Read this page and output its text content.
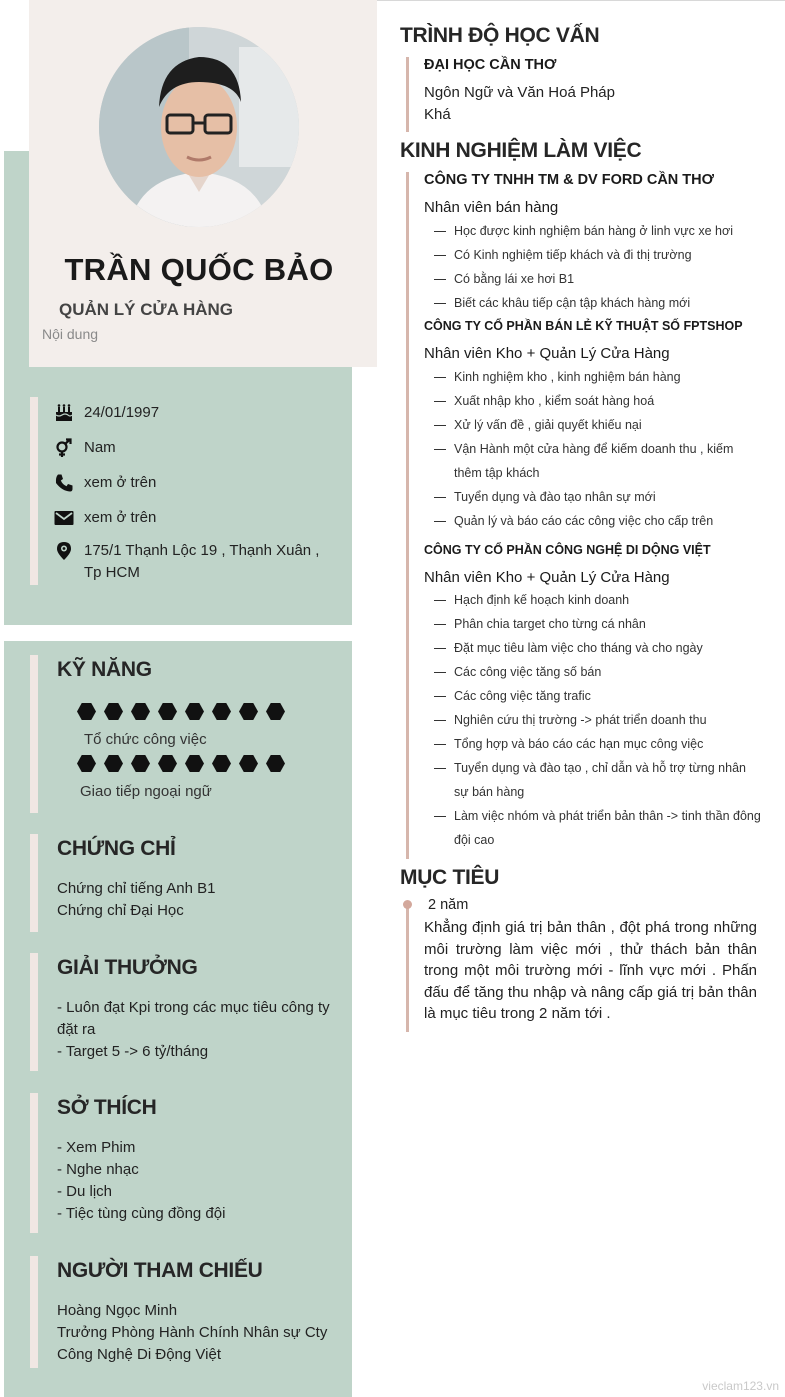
TRẦN QUỐC BẢO
QUẢN LÝ CỬA HÀNG
Nội dung
24/01/1997
Nam
xem ở trên
xem ở trên
175/1 Thạnh Lộc 19 , Thạnh Xuân , Tp HCM
KỸ NĂNG
Tổ chức công việc
Giao tiếp ngoại ngữ
CHỨNG CHỈ
Chứng chỉ tiếng Anh B1
Chứng chỉ Đại Học
GIẢI THƯỞNG
- Luôn đạt Kpi trong các mục tiêu công ty đặt ra
- Target 5 -> 6 tỷ/tháng
SỞ THÍCH
- Xem Phim
- Nghe nhạc
- Du lịch
- Tiệc tùng cùng đồng đội
NGƯỜI THAM CHIẾU
Hoàng Ngọc Minh
Trưởng Phòng Hành Chính Nhân sự Cty Công Nghệ Di Động Việt
TRÌNH ĐỘ HỌC VẤN
ĐẠI HỌC CẦN THƠ
Ngôn Ngữ và Văn Hoá Pháp
Khá
KINH NGHIỆM LÀM VIỆC
CÔNG TY TNHH TM & DV FORD CẦN THƠ
Nhân viên bán hàng
Học được kinh nghiệm bán hàng ở linh vực xe hơi
Có Kinh nghiệm tiếp khách và đi thị trường
Có bằng lái xe hơi B1
Biết các khâu tiếp cận tập khách hàng mới
CÔNG TY CỔ PHẦN BÁN LẺ KỸ THUẬT SỐ FPTSHOP
Nhân viên Kho + Quản Lý Cửa Hàng
Kinh nghiệm kho , kinh nghiệm bán hàng
Xuất nhập kho , kiểm soát hàng hoá
Xử lý vấn đề , giải quyết khiếu nại
Vận Hành một cửa hàng để kiếm doanh thu , kiếm thêm tập khách
Tuyển dụng và đào tạo nhân sự mới
Quản lý và báo cáo các công việc cho cấp trên
CÔNG TY CỔ PHẦN CÔNG NGHỆ DI DỘNG VIỆT
Nhân viên Kho + Quản Lý Cửa Hàng
Hạch định kế hoạch kinh doanh
Phân chia target cho từng cá nhân
Đặt mục tiêu làm việc cho tháng và cho ngày
Các công việc tăng số bán
Các công việc tăng trafic
Nghiên cứu thị trường -> phát triển doanh thu
Tổng hợp và báo cáo các hạn mục công việc
Tuyển dụng và đào tạo , chỉ dẫn và hỗ trợ từng nhân sự bán hàng
Làm việc nhóm và phát triển bản thân -> tinh thần đông đội cao
MỤC TIÊU
2 năm
Khẳng định giá trị bản thân , đột phá trong những môi trường làm việc mới , thử thách bản thân trong một môi trường mới - lĩnh vực mới . Phấn đấu để tăng thu nhập và nâng cấp giá trị bản thân là mục tiêu trong 2 năm tới .
vieclam123.vn
